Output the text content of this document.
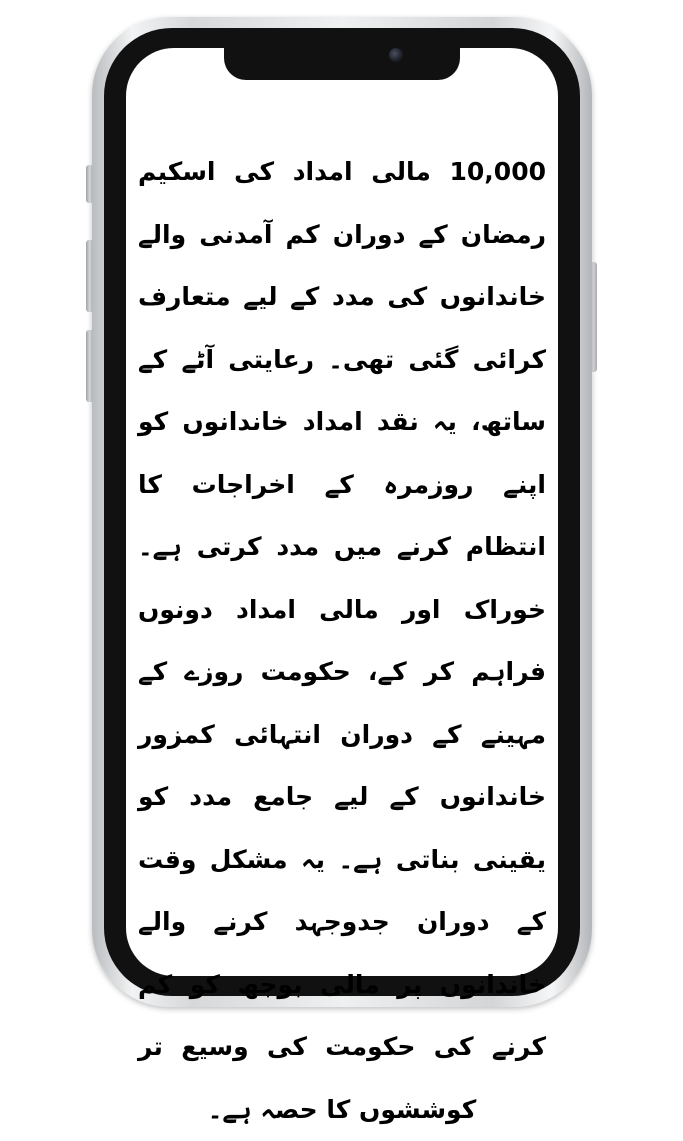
10,000 مالی امداد کی اسکیم رمضان کے دوران کم آمدنی والے خاندانوں کی مدد کے لیے متعارف کرائی گئی تھی۔ رعایتی آٹے کے ساتھ، یہ نقد امداد خاندانوں کو اپنے روزمرہ کے اخراجات کا انتظام کرنے میں مدد کرتی ہے۔ خوراک اور مالی امداد دونوں فراہم کر کے، حکومت روزے کے مہینے کے دوران انتہائی کمزور خاندانوں کے لیے جامع مدد کو یقینی بناتی ہے۔ یہ مشکل وقت کے دوران جدوجہد کرنے والے خاندانوں پر مالی بوجھ کو کم کرنے کی حکومت کی وسیع تر کوششوں کا حصہ ہے۔
